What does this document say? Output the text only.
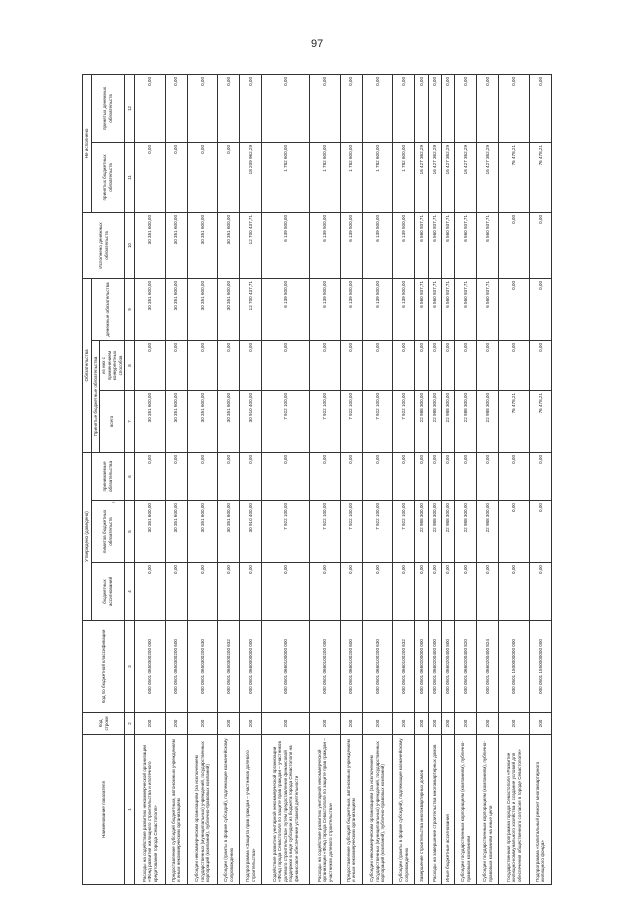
97
-
Наименование показателя	Код строки	Код по бюджетной классификации	Утверждено (доведено)			Обязательства			Исполнено денежных обязательств	Не исполнено	
			бюджетных ассигнований	лимитов бюджетных обязательств	принимаемые обязательства	Принятые бюджетные обязательства		денежные обязательства		принятых бюджетных обязательств	принятых денежных обязательств
						всего	из них с применением конкурентных способов				
1	2	3	4	5	6	7	8	9	10	11	12
Расходы на содействие развитию некоммерческой организации «Фонд развития жилищного строительства и ипотечного кредитования города Севастополя»	200	000 0501 0650300200 000	0,00	30 351 600,00	0,00	30 351 600,00	0,00	30 351 600,00	30 351 600,00	0,00	0,00
Предоставление субсидий бюджетным, автономным учреждениям и иным некоммерческим организациям	200	000 0501 0650300200 600	0,00	30 351 600,00	0,00	30 351 600,00	0,00	30 351 600,00	30 351 600,00	0,00	0,00
Субсидии некоммерческим организациям (за исключением государственных (муниципальных) учреждений, государственных корпораций (компаний), публично-правовых компаний)	200	000 0501 0650300200 630	0,00	30 351 600,00	0,00	30 351 600,00	0,00	30 351 600,00	30 351 600,00	0,00	0,00
Субсидии (гранты в форме субсидий), подлежащие казначейскому сопровождению	200	000 0501 0650300200 632	0,00	30 351 600,00	0,00	30 351 600,00	0,00	30 351 600,00	30 351 600,00	0,00	0,00
Подпрограмма «Защита прав граждан – участников долевого строительства»	200	000 0501 0660000000 000	0,00	30 910 400,00	0,00	30 910 400,00	0,00	12 700 437,71	12 700 437,71	18 209 962,29	0,00
Содействие развитию унитарной некоммерческой организации «Фонд города Севастополя по защите прав граждан – участников долевого строительства» путем предоставления финансовой поддержки в виде субсидии из бюджета города Севастополя на финансовое обеспечение уставной деятельности	200	000 0501 0660100000 000	0,00	7 922 100,00	0,00	7 922 100,00	0,00	6 139 500,00	6 139 500,00	1 782 600,00	0,00
Расходы на содействие развитию унитарной некоммерческой организации «Фонд города Севастополя по защите прав граждан – участников долевого строительства»	200	000 0501 0660100200 000	0,00	7 922 100,00	0,00	7 922 100,00	0,00	6 139 500,00	6 139 500,00	1 782 600,00	0,00
Предоставление субсидий бюджетным, автономным учреждениям и иным некоммерческим организациям	200	000 0501 0660100200 600	0,00	7 922 100,00	0,00	7 922 100,00	0,00	6 139 500,00	6 139 500,00	1 782 600,00	0,00
Субсидии некоммерческим организациям (за исключением государственных (муниципальных) учреждений, государственных корпораций (компаний), публично-правовых компаний)	200	000 0501 0660100200 630	0,00	7 922 100,00	0,00	7 922 100,00	0,00	6 139 500,00	6 139 500,00	1 782 600,00	0,00
Субсидии (гранты в форме субсидий), подлежащие казначейскому сопровождению	200	000 0501 0660100200 632	0,00	7 922 100,00	0,00	7 922 100,00	0,00	6 139 500,00	6 139 500,00	1 782 600,00	0,00
Завершение строительства многоквартирных домов	200	000 0501 0660200000 000	0,00	22 988 300,00	0,00	22 988 300,00	0,00	6 560 937,71	6 560 937,71	16 427 362,29	0,00
Расходы на завершение строительства многоквартирных домов	200	000 0501 0660200400 000	0,00	22 988 300,00	0,00	22 988 300,00	0,00	6 560 937,71	6 560 937,71	16 427 362,29	0,00
Иные бюджетные ассигнования	200	000 0501 0660200400 800	0,00	22 988 300,00	0,00	22 988 300,00	0,00	6 560 937,71	6 560 937,71	16 427 362,29	0,00
Субсидии государственным корпорациям (компаниям), публично-правовым компаниям	200	000 0501 0660200400 820	0,00	22 988 300,00	0,00	22 988 300,00	0,00	6 560 937,71	6 560 937,71	16 427 362,29	0,00
Субсидии государственным корпорациям (компаниям), публично-правовым компаниям на иные цели	200	000 0501 0660200400 824	0,00	22 988 300,00	0,00	22 988 300,00	0,00	6 560 937,71	6 560 937,71	16 427 362,29	0,00
Государственная программа города Севастополя «Развитие жилищно-коммунального хозяйства и создание условий для обеспечения общественного согласия в городе Севастополе»	200	000 0501 1500000000 000	0,00	0,00	0,00	76 478,21	0,00	0,00	0,00	76 478,21	0,00
Подпрограмма «Капитальный ремонт многоквартирного жилищного фонда»	200	000 0501 1550000000 000	0,00	0,00	0,00	76 478,21	0,00	0,00	0,00	76 478,21	0,00
